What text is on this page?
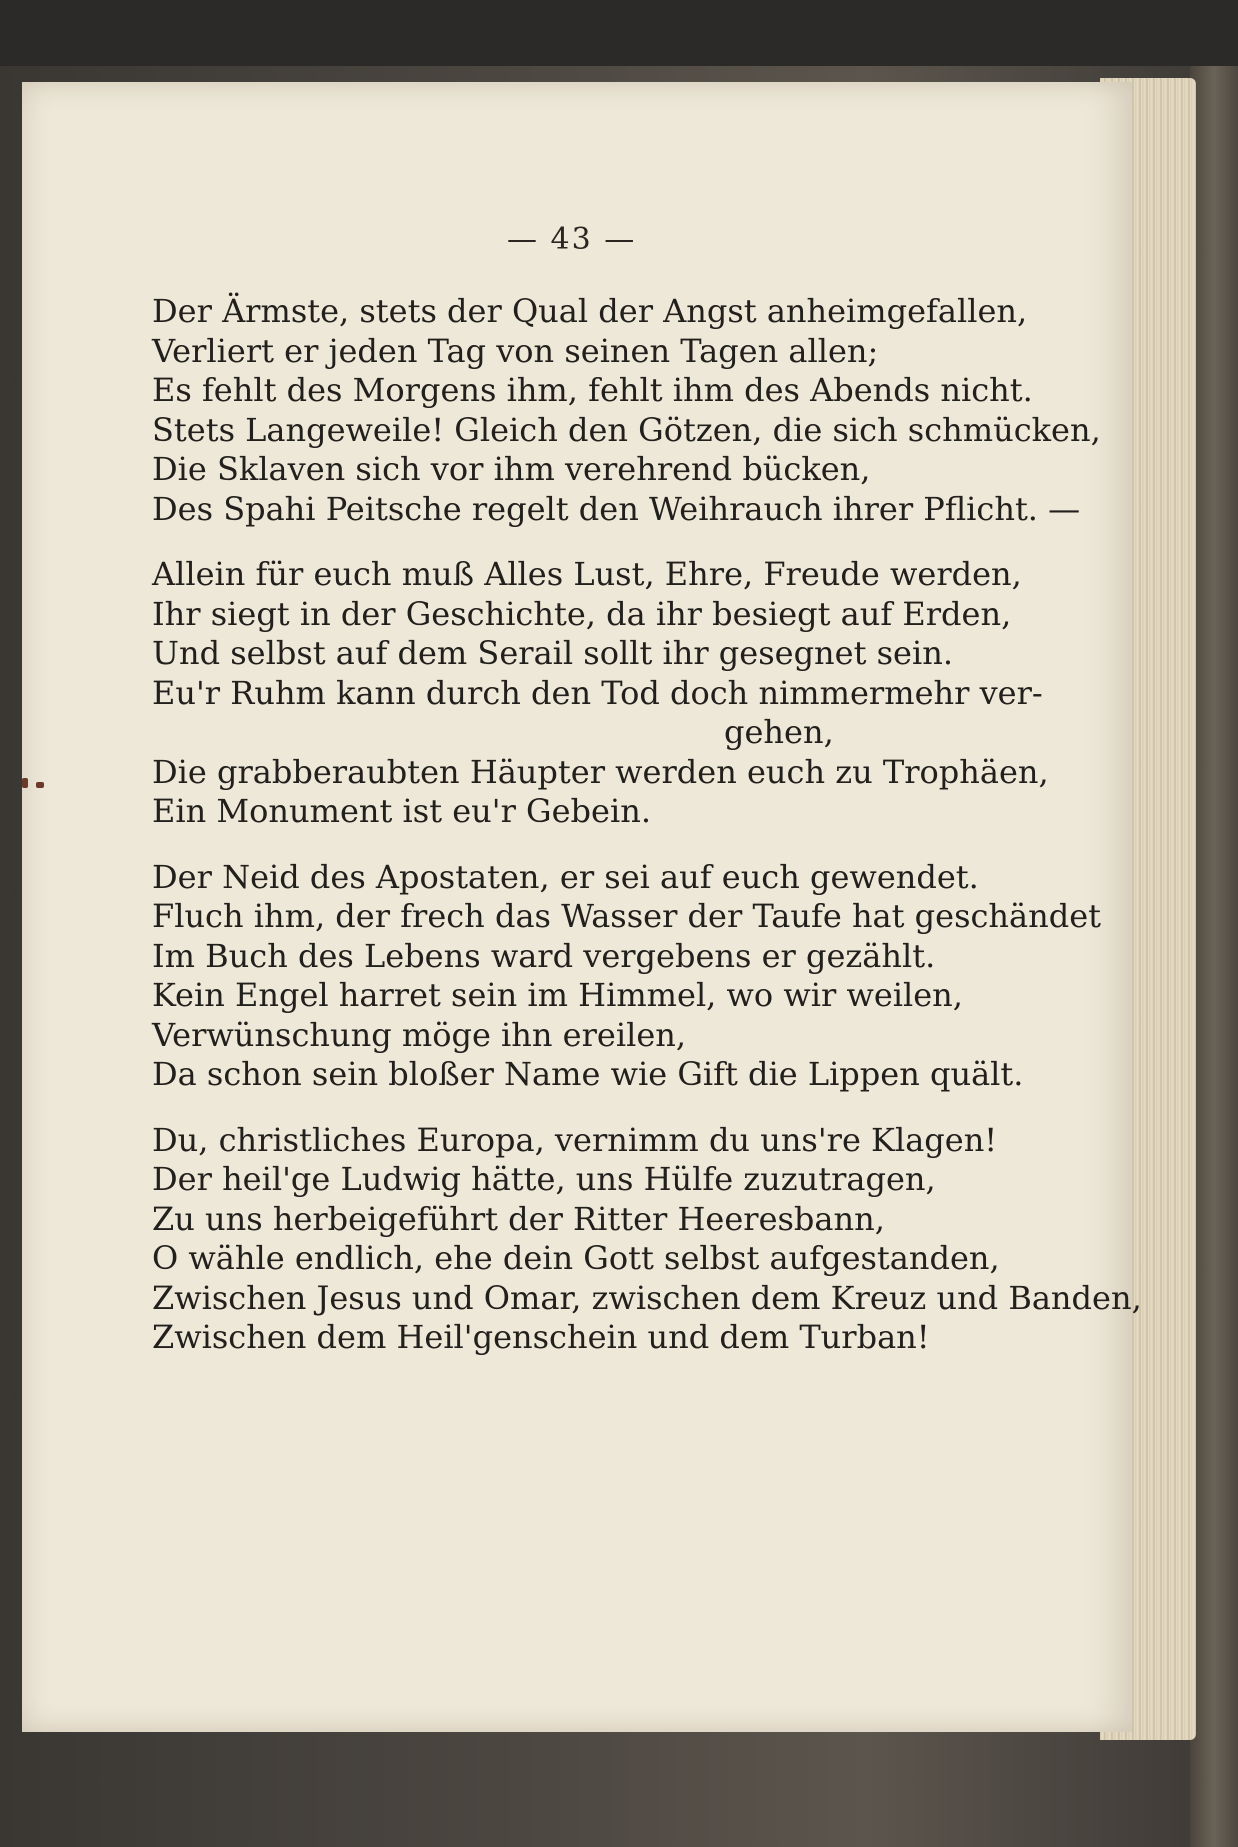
— 43 —
Der Ärmste, stets der Qual der Angst anheimgefallen,
Verliert er jeden Tag von seinen Tagen allen;
Es fehlt des Morgens ihm, fehlt ihm des Abends nicht.
Stets Langeweile! Gleich den Götzen, die sich schmücken,
Die Sklaven sich vor ihm verehrend bücken,
Des Spahi Peitsche regelt den Weihrauch ihrer Pflicht. —
Allein für euch muß Alles Lust, Ehre, Freude werden,
Ihr siegt in der Geschichte, da ihr besiegt auf Erden,
Und selbst auf dem Serail sollt ihr gesegnet sein.
Eu'r Ruhm kann durch den Tod doch nimmermehr ver-
gehen,
Die grabberaubten Häupter werden euch zu Trophäen,
Ein Monument ist eu'r Gebein.
Der Neid des Apostaten, er sei auf euch gewendet.
Fluch ihm, der frech das Wasser der Taufe hat geschändet
Im Buch des Lebens ward vergebens er gezählt.
Kein Engel harret sein im Himmel, wo wir weilen,
Verwünschung möge ihn ereilen,
Da schon sein bloßer Name wie Gift die Lippen quält.
Du, christliches Europa, vernimm du uns're Klagen!
Der heil'ge Ludwig hätte, uns Hülfe zuzutragen,
Zu uns herbeigeführt der Ritter Heeresbann,
O wähle endlich, ehe dein Gott selbst aufgestanden,
Zwischen Jesus und Omar, zwischen dem Kreuz und Banden,
Zwischen dem Heil'genschein und dem Turban!
